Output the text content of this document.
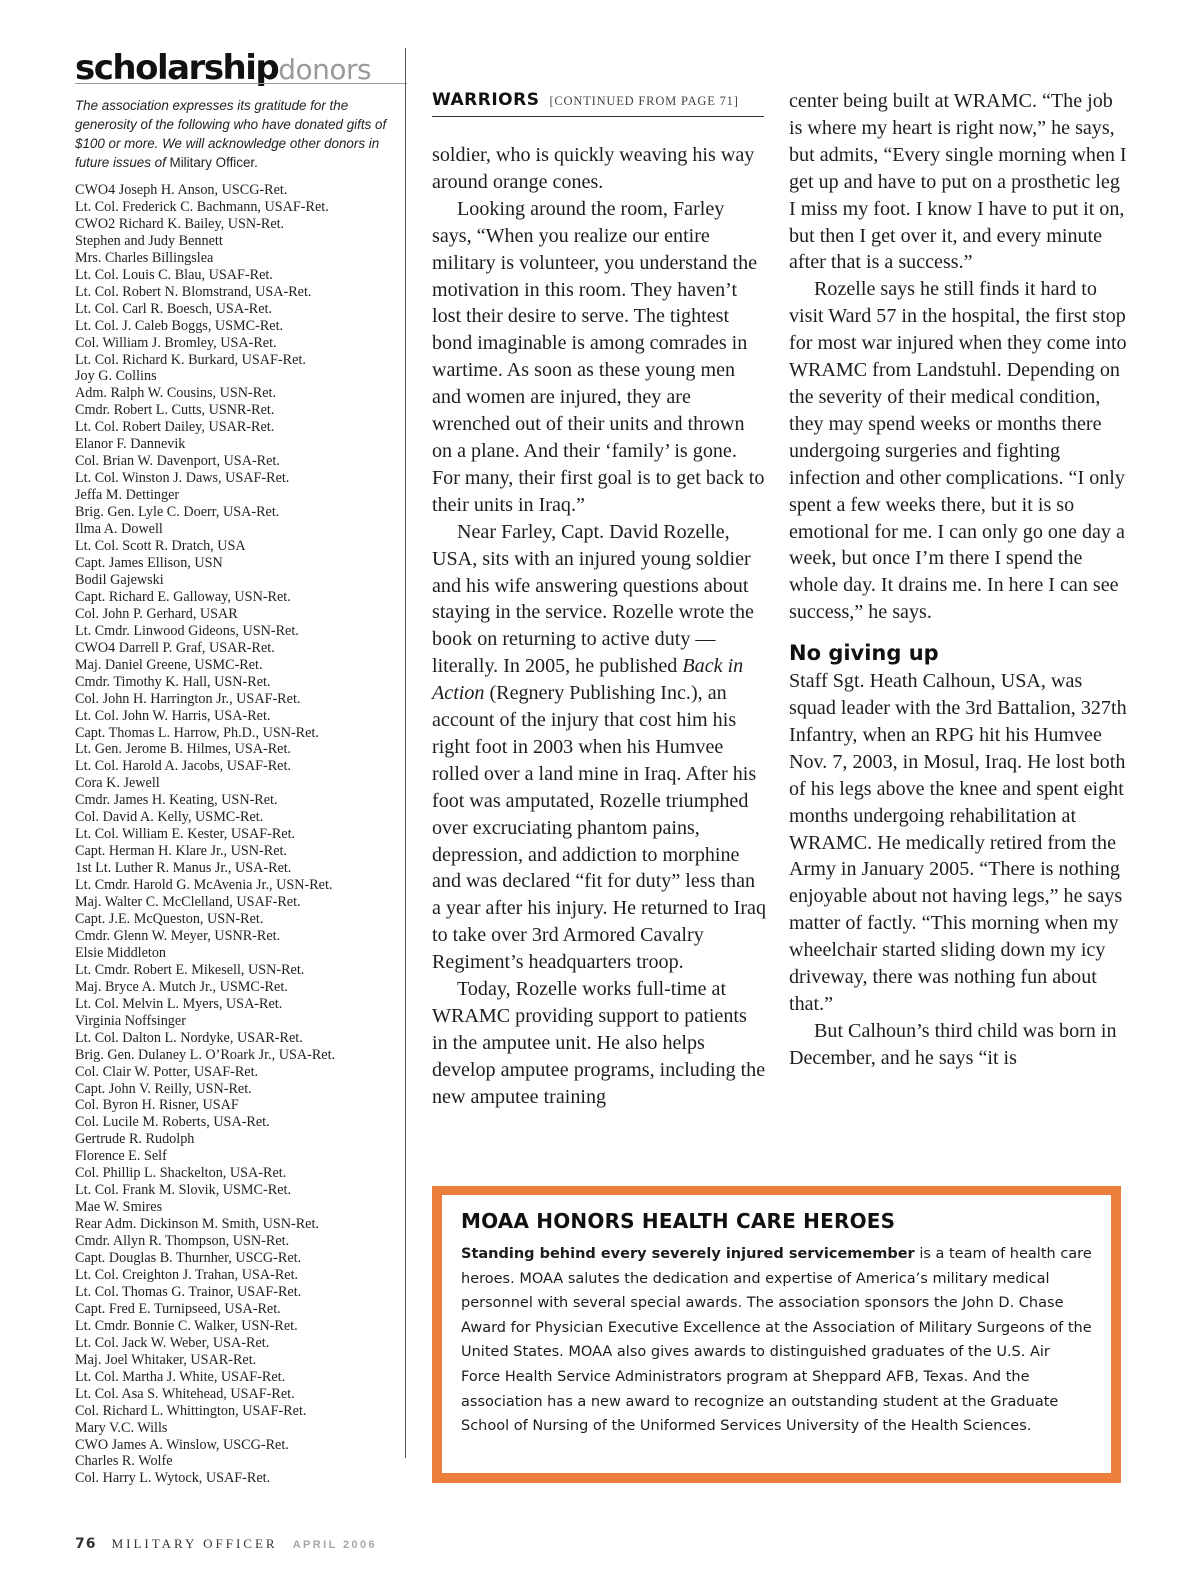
scholarshipdonors
The association expresses its gratitude for the generosity of the following who have donated gifts of $100 or more. We will acknowledge other donors in future issues of Military Officer.
CWO4 Joseph H. Anson, USCG-Ret.
Lt. Col. Frederick C. Bachmann, USAF-Ret.
CWO2 Richard K. Bailey, USN-Ret.
Stephen and Judy Bennett
Mrs. Charles Billingslea
Lt. Col. Louis C. Blau, USAF-Ret.
Lt. Col. Robert N. Blomstrand, USA-Ret.
Lt. Col. Carl R. Boesch, USA-Ret.
Lt. Col. J. Caleb Boggs, USMC-Ret.
Col. William J. Bromley, USA-Ret.
Lt. Col. Richard K. Burkard, USAF-Ret.
Joy G. Collins
Adm. Ralph W. Cousins, USN-Ret.
Cmdr. Robert L. Cutts, USNR-Ret.
Lt. Col. Robert Dailey, USAR-Ret.
Elanor F. Dannevik
Col. Brian W. Davenport, USA-Ret.
Lt. Col. Winston J. Daws, USAF-Ret.
Jeffa M. Dettinger
Brig. Gen. Lyle C. Doerr, USA-Ret.
Ilma A. Dowell
Lt. Col. Scott R. Dratch, USA
Capt. James Ellison, USN
Bodil Gajewski
Capt. Richard E. Galloway, USN-Ret.
Col. John P. Gerhard, USAR
Lt. Cmdr. Linwood Gideons, USN-Ret.
CWO4 Darrell P. Graf, USAR-Ret.
Maj. Daniel Greene, USMC-Ret.
Cmdr. Timothy K. Hall, USN-Ret.
Col. John H. Harrington Jr., USAF-Ret.
Lt. Col. John W. Harris, USA-Ret.
Capt. Thomas L. Harrow, Ph.D., USN-Ret.
Lt. Gen. Jerome B. Hilmes, USA-Ret.
Lt. Col. Harold A. Jacobs, USAF-Ret.
Cora K. Jewell
Cmdr. James H. Keating, USN-Ret.
Col. David A. Kelly, USMC-Ret.
Lt. Col. William E. Kester, USAF-Ret.
Capt. Herman H. Klare Jr., USN-Ret.
1st Lt. Luther R. Manus Jr., USA-Ret.
Lt. Cmdr. Harold G. McAvenia Jr., USN-Ret.
Maj. Walter C. McClelland, USAF-Ret.
Capt. J.E. McQueston, USN-Ret.
Cmdr. Glenn W. Meyer, USNR-Ret.
Elsie Middleton
Lt. Cmdr. Robert E. Mikesell, USN-Ret.
Maj. Bryce A. Mutch Jr., USMC-Ret.
Lt. Col. Melvin L. Myers, USA-Ret.
Virginia Noffsinger
Lt. Col. Dalton L. Nordyke, USAR-Ret.
Brig. Gen. Dulaney L. O’Roark Jr., USA-Ret.
Col. Clair W. Potter, USAF-Ret.
Capt. John V. Reilly, USN-Ret.
Col. Byron H. Risner, USAF
Col. Lucile M. Roberts, USA-Ret.
Gertrude R. Rudolph
Florence E. Self
Col. Phillip L. Shackelton, USA-Ret.
Lt. Col. Frank M. Slovik, USMC-Ret.
Mae W. Smires
Rear Adm. Dickinson M. Smith, USN-Ret.
Cmdr. Allyn R. Thompson, USN-Ret.
Capt. Douglas B. Thurnher, USCG-Ret.
Lt. Col. Creighton J. Trahan, USA-Ret.
Lt. Col. Thomas G. Trainor, USAF-Ret.
Capt. Fred E. Turnipseed, USA-Ret.
Lt. Cmdr. Bonnie C. Walker, USN-Ret.
Lt. Col. Jack W. Weber, USA-Ret.
Maj. Joel Whitaker, USAR-Ret.
Lt. Col. Martha J. White, USAF-Ret.
Lt. Col. Asa S. Whitehead, USAF-Ret.
Col. Richard L. Whittington, USAF-Ret.
Mary V.C. Wills
CWO James A. Winslow, USCG-Ret.
Charles R. Wolfe
Col. Harry L. Wytock, USAF-Ret.
WARRIORS [CONTINUED FROM PAGE 71]

soldier, who is quickly weaving his way around orange cones.

Looking around the room, Farley says, “When you realize our entire military is volunteer, you understand the motivation in this room. They haven’t lost their desire to serve. The tightest bond imaginable is among comrades in wartime. As soon as these young men and women are injured, they are wrenched out of their units and thrown on a plane. And their ‘family’ is gone. For many, their first goal is to get back to their units in Iraq.”

Near Farley, Capt. David Rozelle, USA, sits with an injured young soldier and his wife answering questions about staying in the service. Rozelle wrote the book on returning to active duty — literally. In 2005, he published Back in Action (Regnery Publishing Inc.), an account of the injury that cost him his right foot in 2003 when his Humvee rolled over a land mine in Iraq. After his foot was amputated, Rozelle triumphed over excruciating phantom pains, depression, and addiction to morphine and was declared “fit for duty” less than a year after his injury. He returned to Iraq to take over 3rd Armored Cavalry Regiment’s headquarters troop.

Today, Rozelle works full-time at WRAMC providing support to patients in the amputee unit. He also helps develop amputee programs, including the new amputee training

center being built at WRAMC. “The job is where my heart is right now,” he says, but admits, “Every single morning when I get up and have to put on a prosthetic leg I miss my foot. I know I have to put it on, but then I get over it, and every minute after that is a success.”

Rozelle says he still finds it hard to visit Ward 57 in the hospital, the first stop for most war injured when they come into WRAMC from Landstuhl. Depending on the severity of their medical condition, they may spend weeks or months there undergoing surgeries and fighting infection and other complications. “I only spent a few weeks there, but it is so emotional for me. I can only go one day a week, but once I’m there I spend the whole day. It drains me. In here I can see success,” he says.

No giving up

Staff Sgt. Heath Calhoun, USA, was squad leader with the 3rd Battalion, 327th Infantry, when an RPG hit his Humvee Nov. 7, 2003, in Mosul, Iraq. He lost both of his legs above the knee and spent eight months undergoing rehabilitation at WRAMC. He medically retired from the Army in January 2005. “There is nothing enjoyable about not having legs,” he says matter of factly. “This morning when my wheelchair started sliding down my icy driveway, there was nothing fun about that.”

But Calhoun’s third child was born in December, and he says “it is

MOAA HONORS HEALTH CARE HEROES
Standing behind every severely injured servicemember is a team of health care heroes. MOAA salutes the dedication and expertise of America’s military medical personnel with several special awards. The association sponsors the John D. Chase Award for Physician Executive Excellence at the Association of Military Surgeons of the United States. MOAA also gives awards to distinguished graduates of the U.S. Air Force Health Service Administrators program at Sheppard AFB, Texas. And the association has a new award to recognize an outstanding student at the Graduate School of Nursing of the Uniformed Services University of the Health Sciences.
76 MILITARY OFFICER APRIL 2006
